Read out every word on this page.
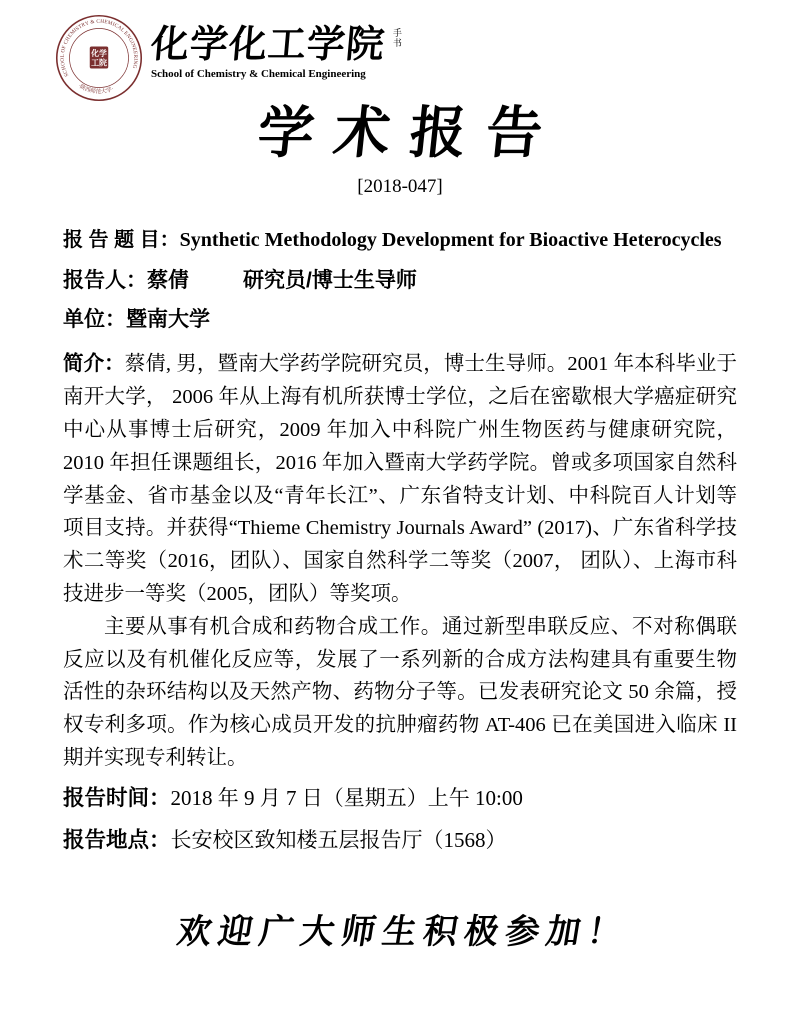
SCHOOL OF CHEMISTRY & CHEMICAL ENGINEERING
·陕西师范大学·
化学
工院 化学化工学院
School of Chemistry & Chemical Engineering
手书
学术报告
[2018-047]

报 告 题 目：Synthetic Methodology Development for Bioactive Heterocycles

报告人：蔡倩	研究员/博士生导师

单位：暨南大学

简介：蔡倩, 男，暨南大学药学院研究员，博士生导师。2001 年本科毕业于南开大学， 2006 年从上海有机所获博士学位，之后在密歇根大学癌症研究中心从事博士后研究，2009 年加入中科院广州生物医药与健康研究院，2010 年担任课题组长，2016 年加入暨南大学药学院。曾或多项国家自然科学基金、省市基金以及“青年长江”、广东省特支计划、中科院百人计划等项目支持。并获得“Thieme Chemistry Journals Award” (2017)、广东省科学技术二等奖（2016，团队）、国家自然科学二等奖（2007， 团队）、上海市科技进步一等奖（2005，团队）等奖项。

主要从事有机合成和药物合成工作。通过新型串联反应、不对称偶联反应以及有机催化反应等，发展了一系列新的合成方法构建具有重要生物活性的杂环结构以及天然产物、药物分子等。已发表研究论文 50 余篇，授权专利多项。作为核心成员开发的抗肿瘤药物 AT-406 已在美国进入临床 II 期并实现专利转让。

报告时间：2018 年 9 月 7 日（星期五）上午 10:00

报告地点：长安校区致知楼五层报告厅（1568）

欢迎广大师生积极参加！
